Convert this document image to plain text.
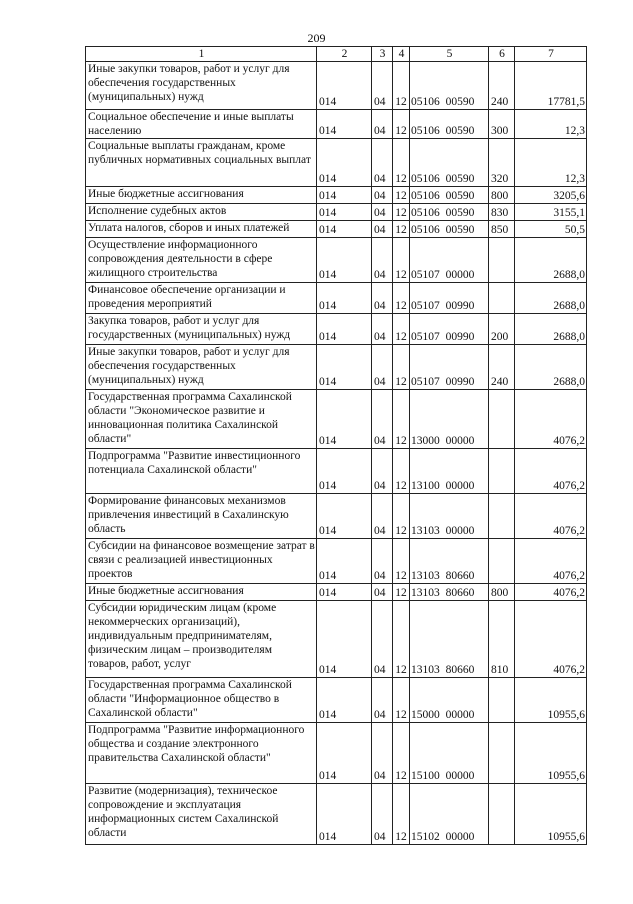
209
1	2	3	4	5	6	7
Иные закупки товаров, работ и услуг для обеспечения государственных (муниципальных) нужд	014	04	12	05106 00590	240	17781,5
Социальное обеспечение и иные выплаты населению	014	04	12	05106 00590	300	12,3
Социальные выплаты гражданам, кроме публичных нормативных социальных выплат	014	04	12	05106 00590	320	12,3
Иные бюджетные ассигнования	014	04	12	05106 00590	800	3205,6
Исполнение судебных актов	014	04	12	05106 00590	830	3155,1
Уплата налогов, сборов и иных платежей	014	04	12	05106 00590	850	50,5
Осуществление информационного сопровождения деятельности в сфере жилищного строительства	014	04	12	05107 00000		2688,0
Финансовое обеспечение организации и проведения мероприятий	014	04	12	05107 00990		2688,0
Закупка товаров, работ и услуг для государственных (муниципальных) нужд	014	04	12	05107 00990	200	2688,0
Иные закупки товаров, работ и услуг для обеспечения государственных (муниципальных) нужд	014	04	12	05107 00990	240	2688,0
Государственная программа Сахалинской области "Экономическое развитие и инновационная политика Сахалинской области"	014	04	12	13000 00000		4076,2
Подпрограмма "Развитие инвестиционного потенциала Сахалинской области"	014	04	12	13100 00000		4076,2
Формирование финансовых механизмов привлечения инвестиций в Сахалинскую область	014	04	12	13103 00000		4076,2
Субсидии на финансовое возмещение затрат в связи с реализацией инвестиционных проектов	014	04	12	13103 80660		4076,2
Иные бюджетные ассигнования	014	04	12	13103 80660	800	4076,2
Субсидии юридическим лицам (кроме некоммерческих организаций), индивидуальным предпринимателям, физическим лицам – производителям товаров, работ, услуг	014	04	12	13103 80660	810	4076,2
Государственная программа Сахалинской области "Информационное общество в Сахалинской области"	014	04	12	15000 00000		10955,6
Подпрограмма "Развитие информационного общества и создание электронного правительства Сахалинской области"	014	04	12	15100 00000		10955,6
Развитие (модернизация), техническое сопровождение и эксплуатация информационных систем Сахалинской области	014	04	12	15102 00000		10955,6
